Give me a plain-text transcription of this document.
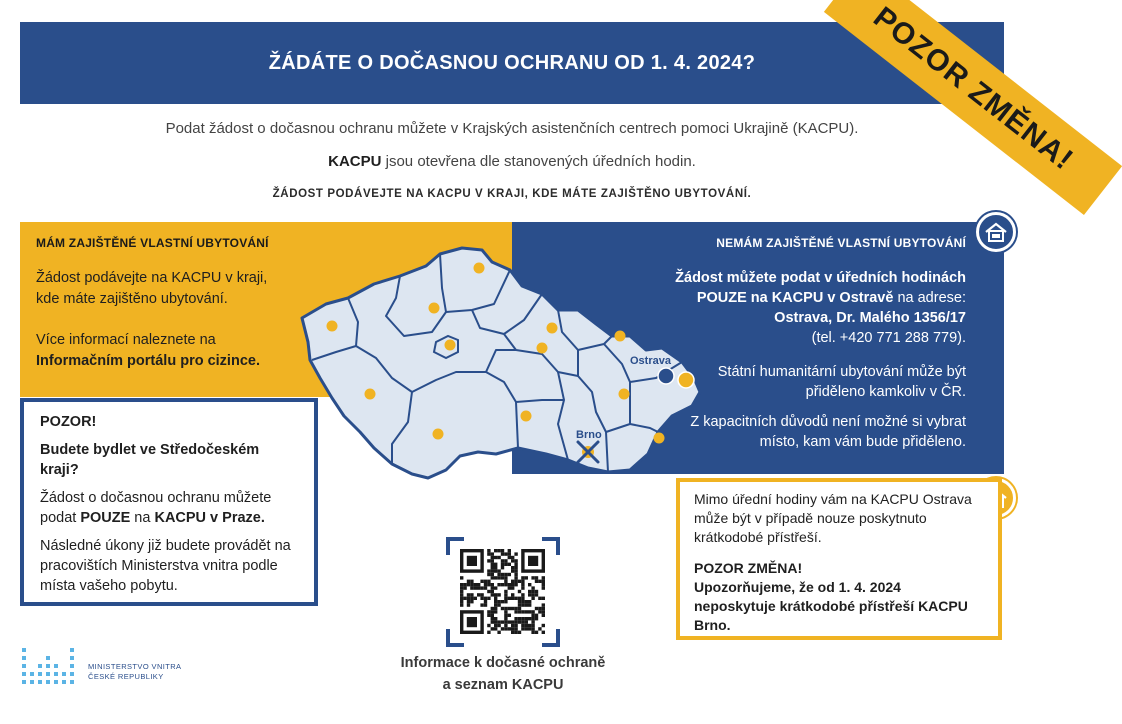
ŽÁDÁTE O DOČASNOU OCHRANU OD 1. 4. 2024?	POZOR ZMĚNA!
Podat žádost o dočasnou ochranu můžete v Krajských asistenčních centrech pomoci Ukrajině (KACPU).
KACPU jsou otevřena dle stanovených úředních hodin.
ŽÁDOST PODÁVEJTE NA KACPU V KRAJI, KDE MÁTE ZAJIŠTĚNO UBYTOVÁNÍ.
MÁM ZAJIŠTĚNÉ VLASTNÍ UBYTOVÁNÍ
Žádost podávejte na KACPU v kraji, kde máte zajištěno ubytování.
Více informací naleznete na Informačním portálu pro cizince.
NEMÁM ZAJIŠTĚNÉ VLASTNÍ UBYTOVÁNÍ
Žádost můžete podat v úředních hodinách
POUZE na KACPU v Ostravě na adrese:
Ostrava, Dr. Malého 1356/17
(tel. +420 771 288 779).
Státní humanitární ubytování může být přiděleno kamkoliv v ČR.
Z kapacitních důvodů není možné si vybrat místo, kam vám bude přiděleno.
Ostrava
Brno
POZOR!
Budete bydlet ve Středočeském kraji?
Žádost o dočasnou ochranu můžete podat POUZE na KACPU v Praze.
Následné úkony již budete provádět na pracovištích Ministerstva vnitra podle místa vašeho pobytu.
Mimo úřední hodiny vám na KACPU Ostrava může být v případě nouze poskytnuto krátkodobé přístřeší.
POZOR ZMĚNA!
Upozorňujeme, že od 1. 4. 2024 neposkytuje krátkodobé přístřeší KACPU Brno.
Informace k dočasné ochraně
a seznam KACPU
MINISTERSTVO VNITRA
ČESKÉ REPUBLIKY
